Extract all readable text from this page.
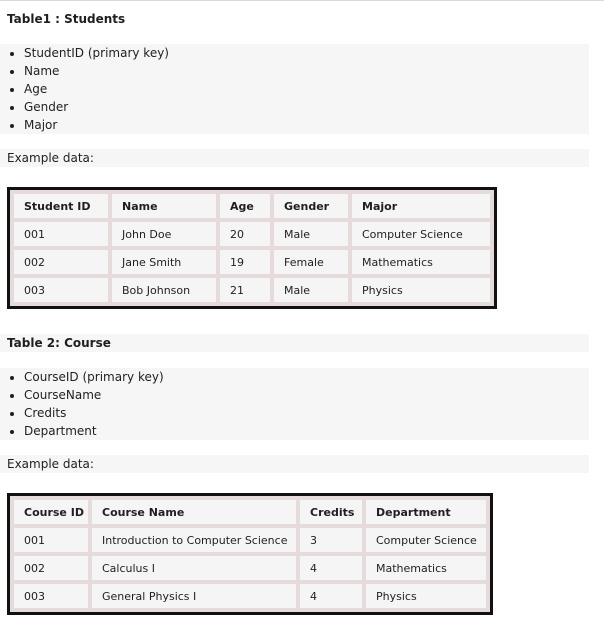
Table1 : Students
• StudentID (primary key)
• Name
• Age
• Gender
• Major
Example data:
Student ID	Name	Age	Gender	Major
001	John Doe	20	Male	Computer Science
002	Jane Smith	19	Female	Mathematics
003	Bob Johnson	21	Male	Physics
Table 2: Course
• CourseID (primary key)
• CourseName
• Credits
• Department
Example data:
Course ID	Course Name	Credits	Department
001	Introduction to Computer Science	3	Computer Science
002	Calculus I	4	Mathematics
003	General Physics I	4	Physics
